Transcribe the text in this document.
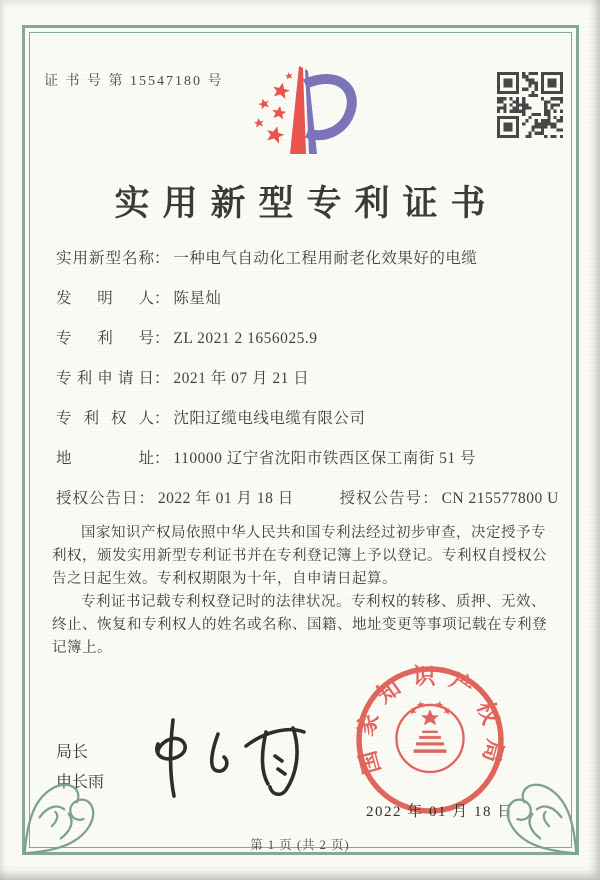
证 书 号 第 15547180 号
实用新型专利证书
实用新型名称： 一种电气自动化工程用耐老化效果好的电缆
发明人： 陈星灿
专利号： ZL 2021 2 1656025.9
专利申请日： 2021 年 07 月 21 日
专利权人： 沈阳辽缆电线电缆有限公司
地址： 110000 辽宁省沈阳市铁西区保工南街 51 号
授权公告日： 2022 年 01 月 18 日	授权公告号： CN 215577800 U

国家知识产权局依照中华人民共和国专利法经过初步审查，决定授予专利权，颁发实用新型专利证书并在专利登记簿上予以登记。专利权自授权公告之日起生效。专利权期限为十年，自申请日起算。

专利证书记载专利权登记时的法律状况。专利权的转移、质押、无效、终止、恢复和专利权人的姓名或名称、国籍、地址变更等事项记载在专利登记簿上。

局长
申长雨
国家知识产权局
2022 年 01 月 18 日
第 1 页 (共 2 页)
